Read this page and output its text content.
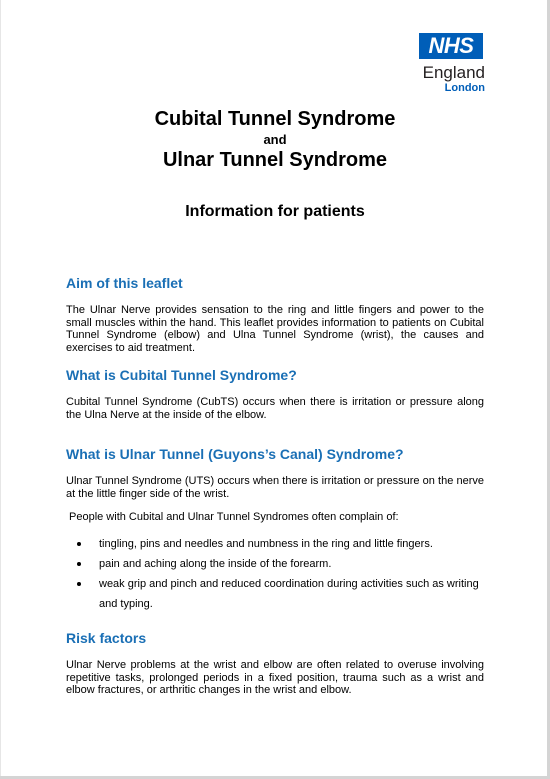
NHS
England
London
Cubital Tunnel Syndrome
and
Ulnar Tunnel Syndrome
Information for patients
Aim of this leaflet
The Ulnar Nerve provides sensation to the ring and little fingers and power to the small muscles within the hand. This leaflet provides information to patients on Cubital Tunnel Syndrome (elbow) and Ulna Tunnel Syndrome (wrist), the causes and exercises to aid treatment.
What is Cubital Tunnel Syndrome?
Cubital Tunnel Syndrome (CubTS) occurs when there is irritation or pressure along the Ulna Nerve at the inside of the elbow.
What is Ulnar Tunnel (Guyons’s Canal) Syndrome?
Ulnar Tunnel Syndrome (UTS) occurs when there is irritation or pressure on the nerve at the little finger side of the wrist.
People with Cubital and Ulnar Tunnel Syndromes often complain of:
tingling, pins and needles and numbness in the ring and little fingers.
pain and aching along the inside of the forearm.
weak grip and pinch and reduced coordination during activities such as writing
and typing.
Risk factors
Ulnar Nerve problems at the wrist and elbow are often related to overuse involving repetitive tasks, prolonged periods in a fixed position, trauma such as a wrist and elbow fractures, or arthritic changes in the wrist and elbow.
